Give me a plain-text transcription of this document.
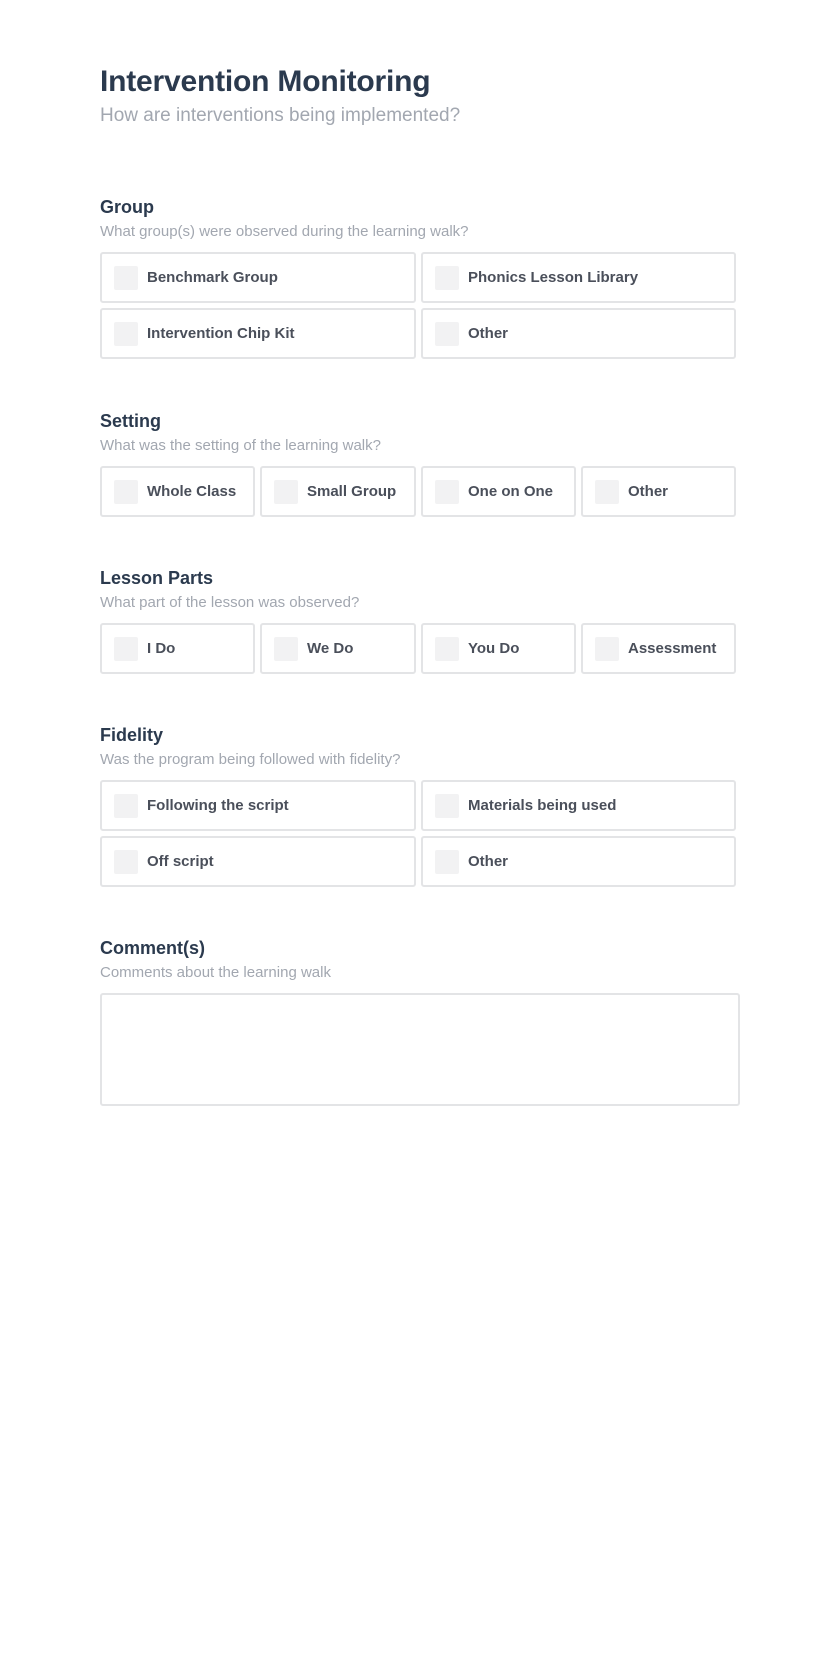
Intervention Monitoring
How are interventions being implemented?
Group
What group(s) were observed during the learning walk?
Benchmark Group	Phonics Lesson Library
Intervention Chip Kit	Other
Setting
What was the setting of the learning walk?
Whole Class	Small Group	One on One	Other
Lesson Parts
What part of the lesson was observed?
I Do	We Do	You Do	Assessment
Fidelity
Was the program being followed with fidelity?
Following the script	Materials being used
Off script	Other
Comment(s)
Comments about the learning walk
